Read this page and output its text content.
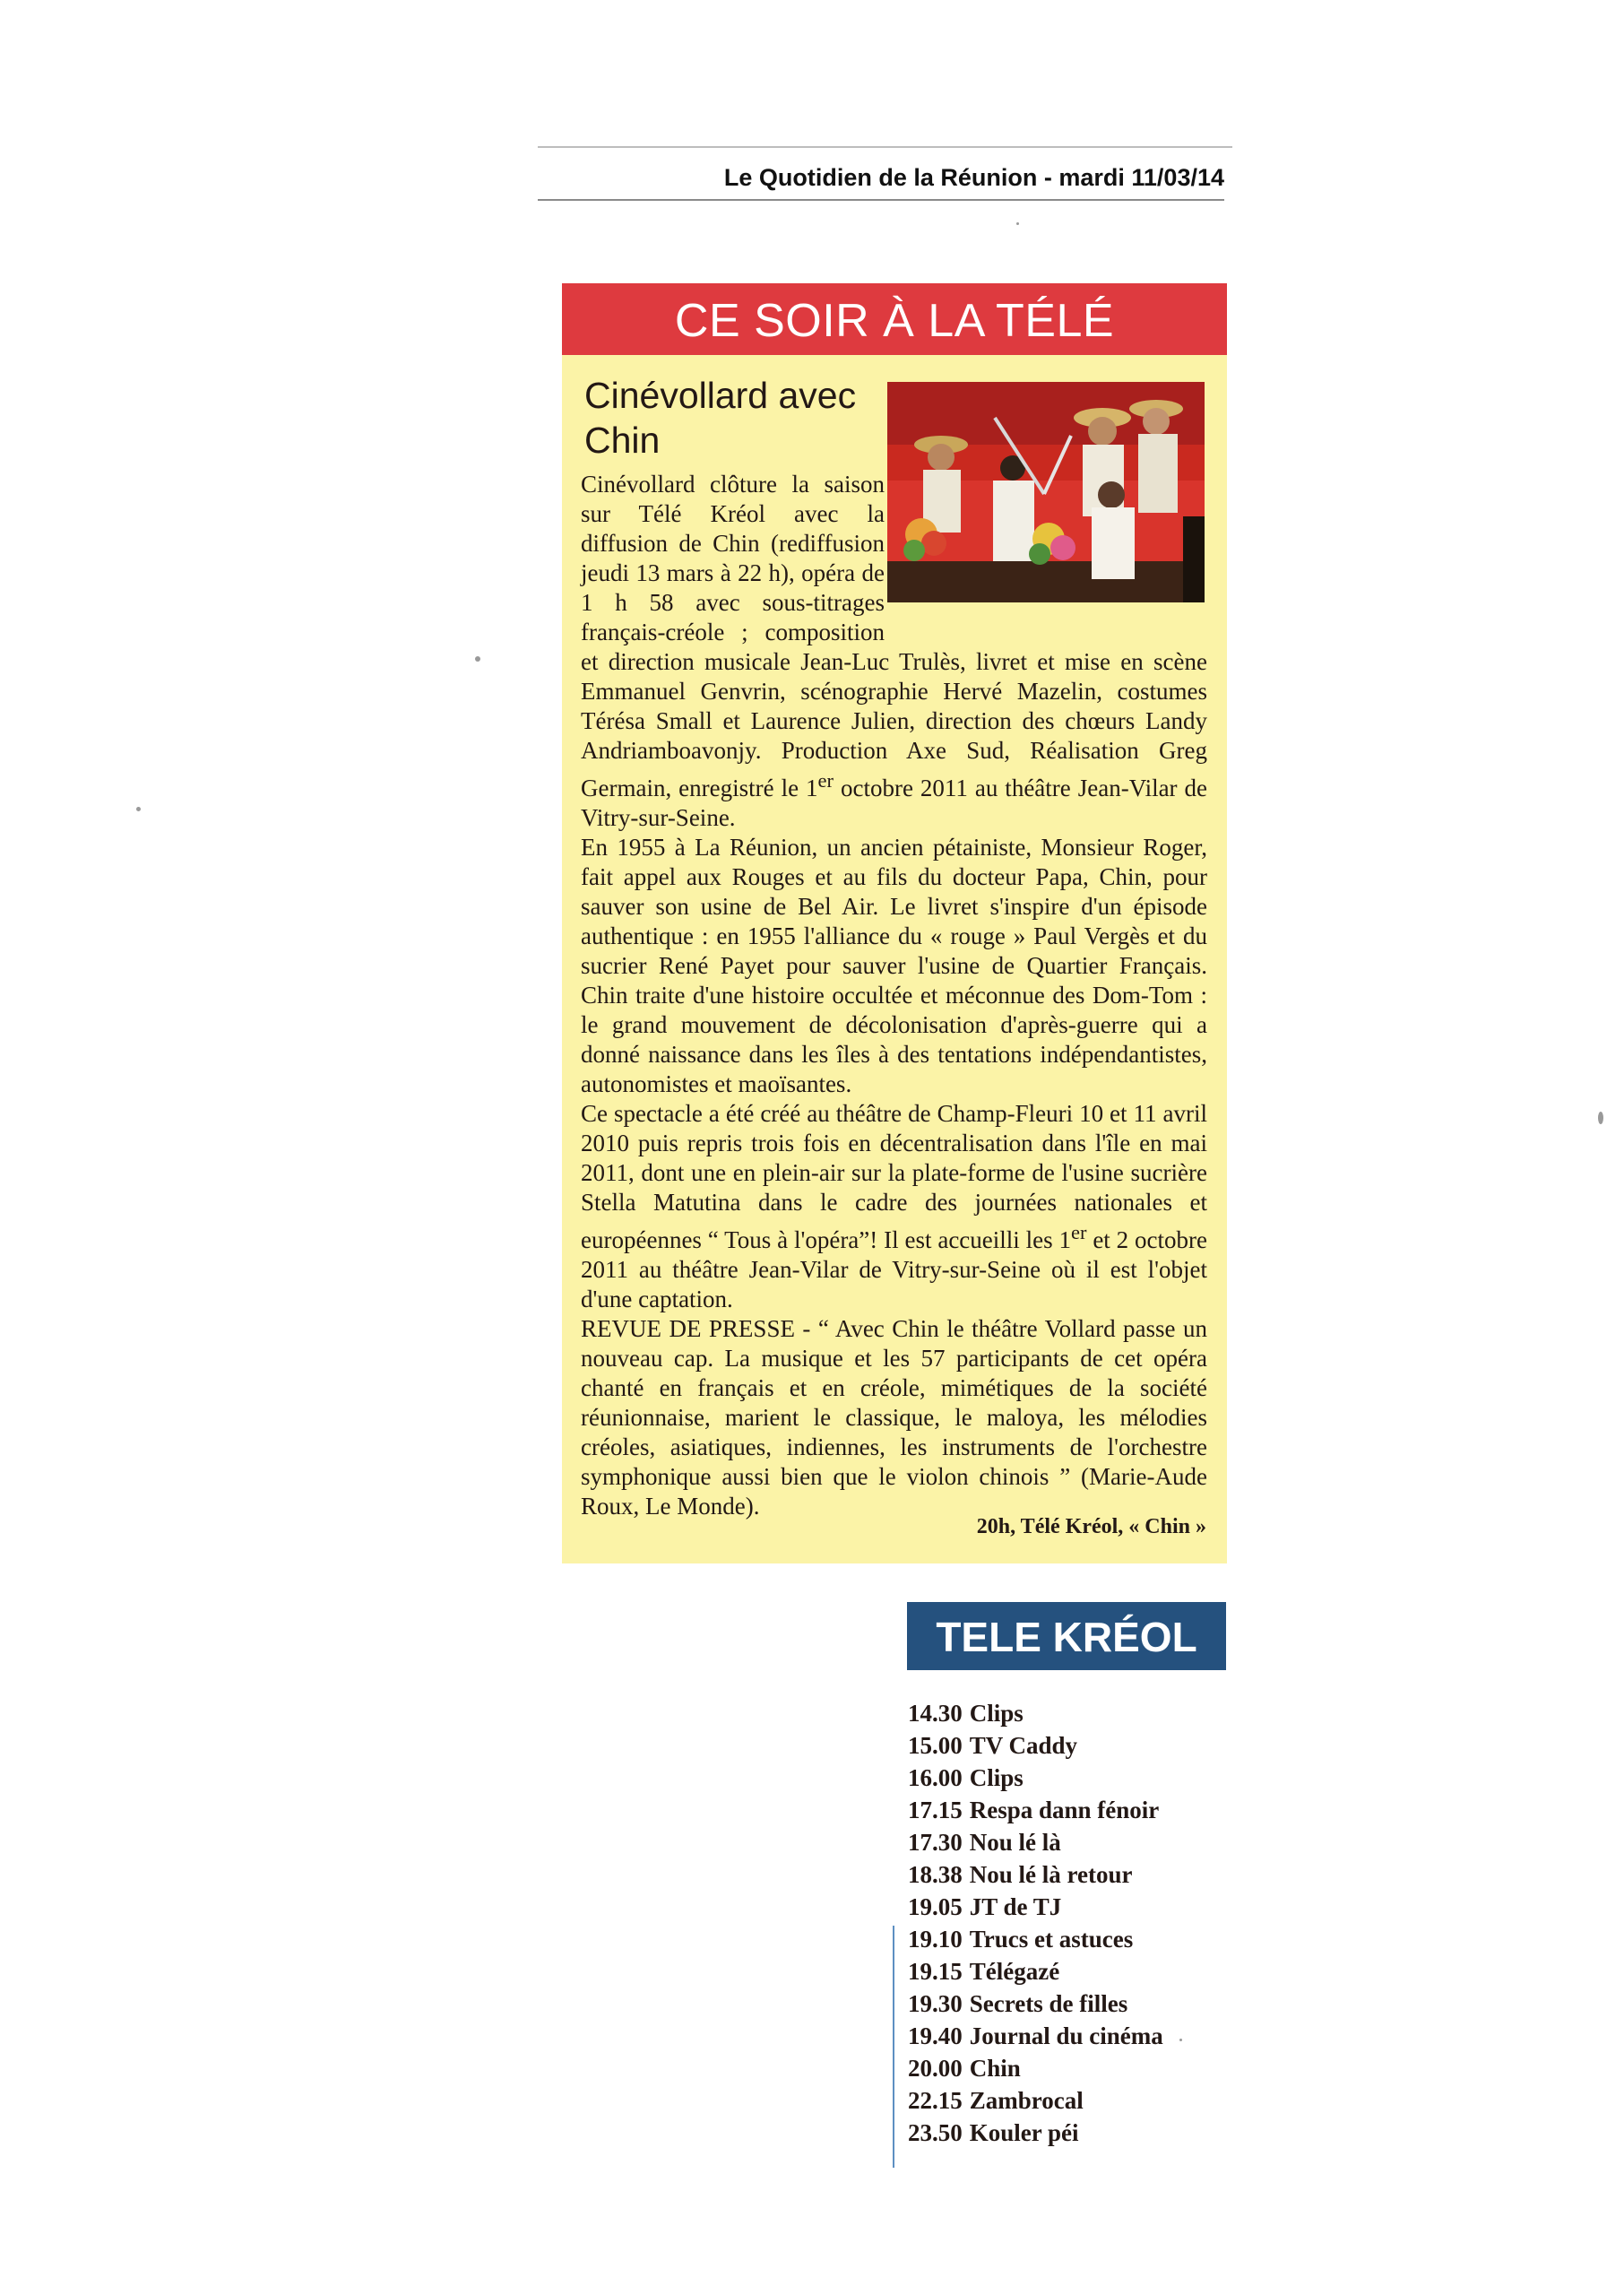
Le Quotidien de la Réunion - mardi 11/03/14
CE SOIR À LA TÉLÉ
Cinévollard avec Chin

Cinévollard clôture la saison sur Télé Kréol avec la diffusion de Chin (rediffusion jeudi 13 mars à 22 h), opéra de 1 h 58 avec sous-titrages français-créole ; composition et direction musicale Jean-Luc Trulès, livret et mise en scène Emmanuel Genvrin, scénographie Hervé Mazelin, costumes Térésa Small et Laurence Julien, direction des chœurs Landy Andriamboavonjy. Production Axe Sud, Réalisation Greg Germain, enregistré le 1er octobre 2011 au théâtre Jean-Vilar de Vitry-sur-Seine.
En 1955 à La Réunion, un ancien pétainiste, Monsieur Roger, fait appel aux Rouges et au fils du docteur Papa, Chin, pour sauver son usine de Bel Air. Le livret s'inspire d'un épisode authentique : en 1955 l'alliance du « rouge » Paul Vergès et du sucrier René Payet pour sauver l'usine de Quartier Français. Chin traite d'une histoire occultée et méconnue des Dom-Tom : le grand mouvement de décolonisation d'après-guerre qui a donné naissance dans les îles à des tentations indépendantistes, autonomistes et maoïsantes.
Ce spectacle a été créé au théâtre de Champ-Fleuri 10 et 11 avril 2010 puis repris trois fois en décentralisation dans l'île en mai 2011, dont une en plein-air sur la plate-forme de l'usine sucrière Stella Matutina dans le cadre des journées nationales et européennes “ Tous à l'opéra”! Il est accueilli les 1er et 2 octobre 2011 au théâtre Jean-Vilar de Vitry-sur-Seine où il est l'objet d'une captation.
REVUE DE PRESSE - “ Avec Chin le théâtre Vollard passe un nouveau cap. La musique et les 57 participants de cet opéra chanté en français et en créole, mimétiques de la société réunionnaise, marient le classique, le maloya, les mélodies créoles, asiatiques, indiennes, les instruments de l'orchestre symphonique aussi bien que le violon chinois ” (Marie-Aude Roux, Le Monde).

20h, Télé Kréol, « Chin »
TELE KRÉOL
14.30 Clips
15.00 TV Caddy
16.00 Clips
17.15 Respa dann fénoir
17.30 Nou lé là
18.38 Nou lé là retour
19.05 JT de TJ
19.10 Trucs et astuces
19.15 Télégazé
19.30 Secrets de filles
19.40 Journal du cinéma
20.00 Chin
22.15 Zambrocal
23.50 Kouler péi
